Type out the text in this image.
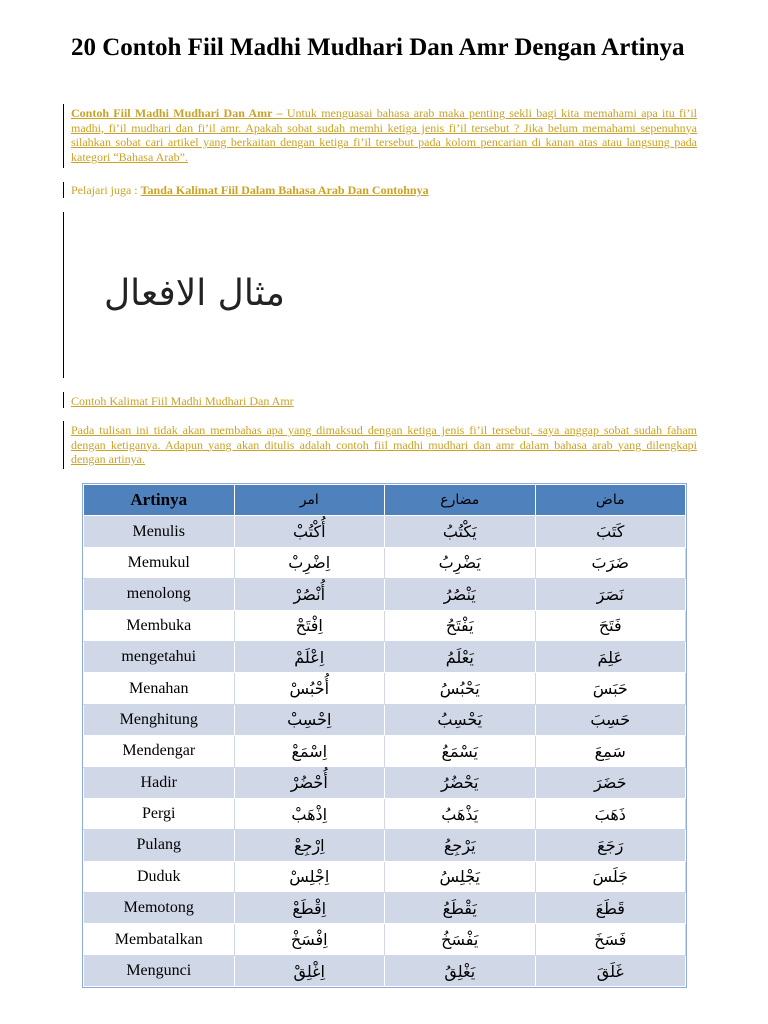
20 Contoh Fiil Madhi Mudhari Dan Amr Dengan Artinya
Contoh Fiil Madhi Mudhari Dan Amr – Untuk menguasai bahasa arab maka penting sekli bagi kita memahami apa itu fi’il madhi, fi’il mudhari dan fi’il amr. Apakah sobat sudah memhi ketiga jenis fi’il tersebut ? Jika belum memahami sepenuhnya silahkan sobat cari artikel yang berkaitan dengan ketiga fi’il tersebut pada kolom pencarian di kanan atas atau langsung pada kategori “Bahasa Arab”.
Pelajari juga : Tanda Kalimat Fiil Dalam Bahasa Arab Dan Contohnya
مثال الافعال
Contoh Kalimat Fiil Madhi Mudhari Dan Amr
Pada tulisan ini tidak akan membahas apa yang dimaksud dengan ketiga jenis fi’il tersebut, saya anggap sobat sudah faham dengan ketiganya. Adapun yang akan ditulis adalah contoh fiil madhi mudhari dan amr dalam bahasa arab yang dilengkapi dengan artinya.
Artinya	امر	مضارع	ماض
Menulis	أُكْتُبْ	يَكْتُبُ	كَتَبَ
Memukul	اِضْرِبْ	يَضْرِبُ	ضَرَبَ
menolong	أُنْصُرْ	يَنْصُرُ	نَصَرَ
Membuka	اِفْتَحْ	يَفْتَحُ	فَتَحَ
mengetahui	اِعْلَمْ	يَعْلَمُ	عَلِمَ
Menahan	أُحْبُسْ	يَحْبُسُ	حَبَسَ
Menghitung	اِحْسِبْ	يَحْسِبُ	حَسِبَ
Mendengar	اِسْمَعْ	يَسْمَعُ	سَمِعَ
Hadir	أُحْضُرْ	يَحْضُرُ	حَضَرَ
Pergi	اِذْهَبْ	يَذْهَبُ	ذَهَبَ
Pulang	اِرْجِعْ	يَرْجِعُ	رَجَعَ
Duduk	اِجْلِسْ	يَجْلِسُ	جَلَسَ
Memotong	اِقْطَعْ	يَقْطَعُ	قَطَعَ
Membatalkan	اِفْسَخْ	يَفْسَخُ	فَسَخَ
Mengunci	اِغْلِقْ	يَغْلِقُ	غَلَقَ
